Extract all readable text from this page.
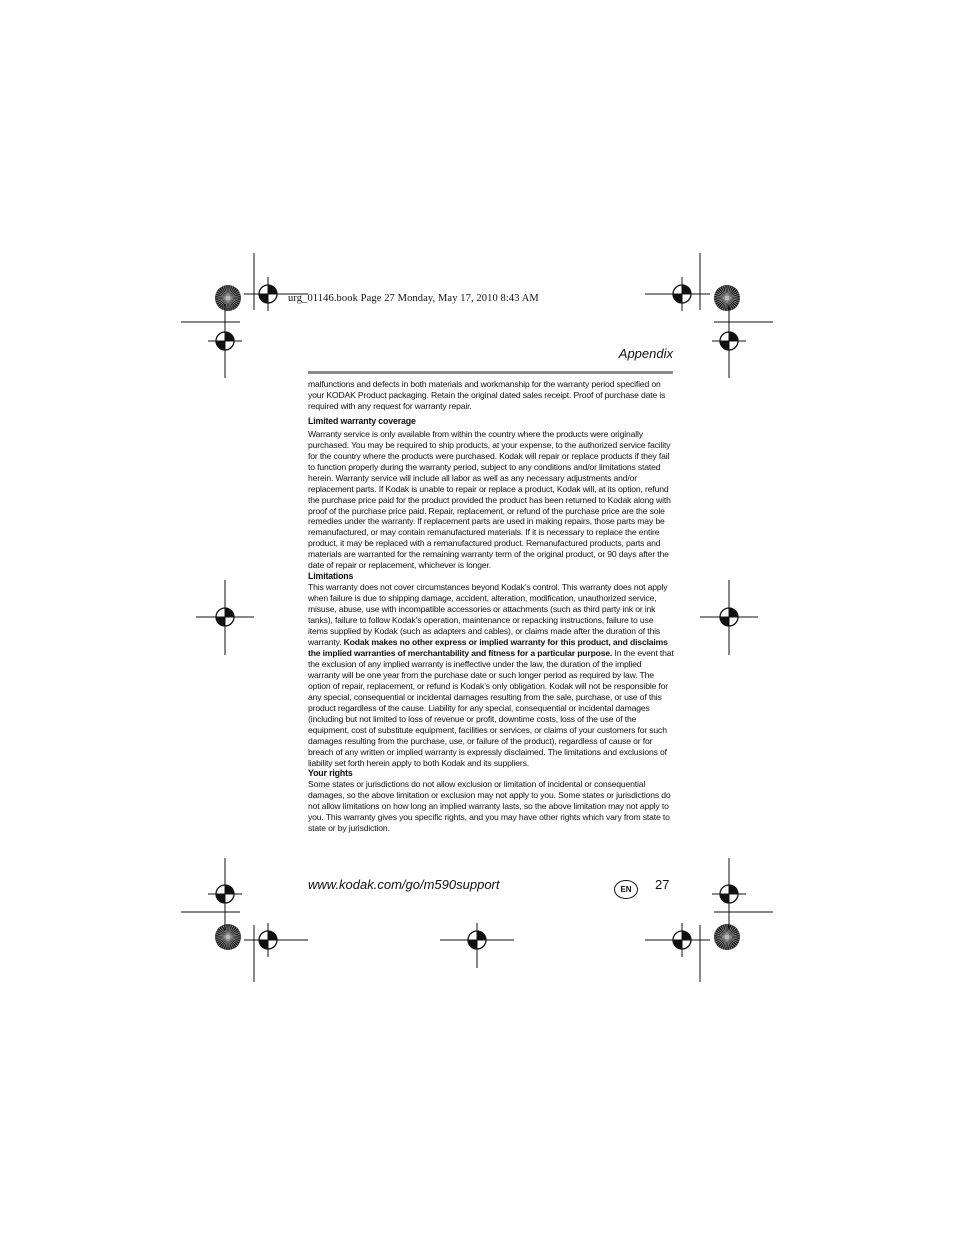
urg_01146.book Page 27 Monday, May 17, 2010 8:43 AM
Appendix

malfunctions and defects in both materials and workmanship for the warranty period specified on your KODAK Product packaging. Retain the original dated sales receipt. Proof of purchase date is required with any request for warranty repair.

Limited warranty coverage

Warranty service is only available from within the country where the products were originally purchased. You may be required to ship products, at your expense, to the authorized service facility for the country where the products were purchased. Kodak will repair or replace products if they fail to function properly during the warranty period, subject to any conditions and/or limitations stated herein. Warranty service will include all labor as well as any necessary adjustments and/or replacement parts. If Kodak is unable to repair or replace a product, Kodak will, at its option, refund the purchase price paid for the product provided the product has been returned to Kodak along with proof of the purchase price paid. Repair, replacement, or refund of the purchase price are the sole remedies under the warranty. If replacement parts are used in making repairs, those parts may be remanufactured, or may contain remanufactured materials. If it is necessary to replace the entire product, it may be replaced with a remanufactured product. Remanufactured products, parts and materials are warranted for the remaining warranty term of the original product, or 90 days after the date of repair or replacement, whichever is longer.

Limitations

This warranty does not cover circumstances beyond Kodak’s control. This warranty does not apply when failure is due to shipping damage, accident, alteration, modification, unauthorized service, misuse, abuse, use with incompatible accessories or attachments (such as third party ink or ink tanks), failure to follow Kodak’s operation, maintenance or repacking instructions, failure to use items supplied by Kodak (such as adapters and cables), or claims made after the duration of this warranty. Kodak makes no other express or implied warranty for this product, and disclaims the implied warranties of merchantability and fitness for a particular purpose. In the event that the exclusion of any implied warranty is ineffective under the law, the duration of the implied warranty will be one year from the purchase date or such longer period as required by law. The option of repair, replacement, or refund is Kodak’s only obligation. Kodak will not be responsible for any special, consequential or incidental damages resulting from the sale, purchase, or use of this product regardless of the cause. Liability for any special, consequential or incidental damages (including but not limited to loss of revenue or profit, downtime costs, loss of the use of the equipment, cost of substitute equipment, facilities or services, or claims of your customers for such damages resulting from the purchase, use, or failure of the product), regardless of cause or for breach of any written or implied warranty is expressly disclaimed. The limitations and exclusions of liability set forth herein apply to both Kodak and its suppliers.

Your rights

Some states or jurisdictions do not allow exclusion or limitation of incidental or consequential damages, so the above limitation or exclusion may not apply to you. Some states or jurisdictions do not allow limitations on how long an implied warranty lasts, so the above limitation may not apply to you. This warranty gives you specific rights, and you may have other rights which vary from state to state or by jurisdiction.

www.kodak.com/go/m590support	EN	27
